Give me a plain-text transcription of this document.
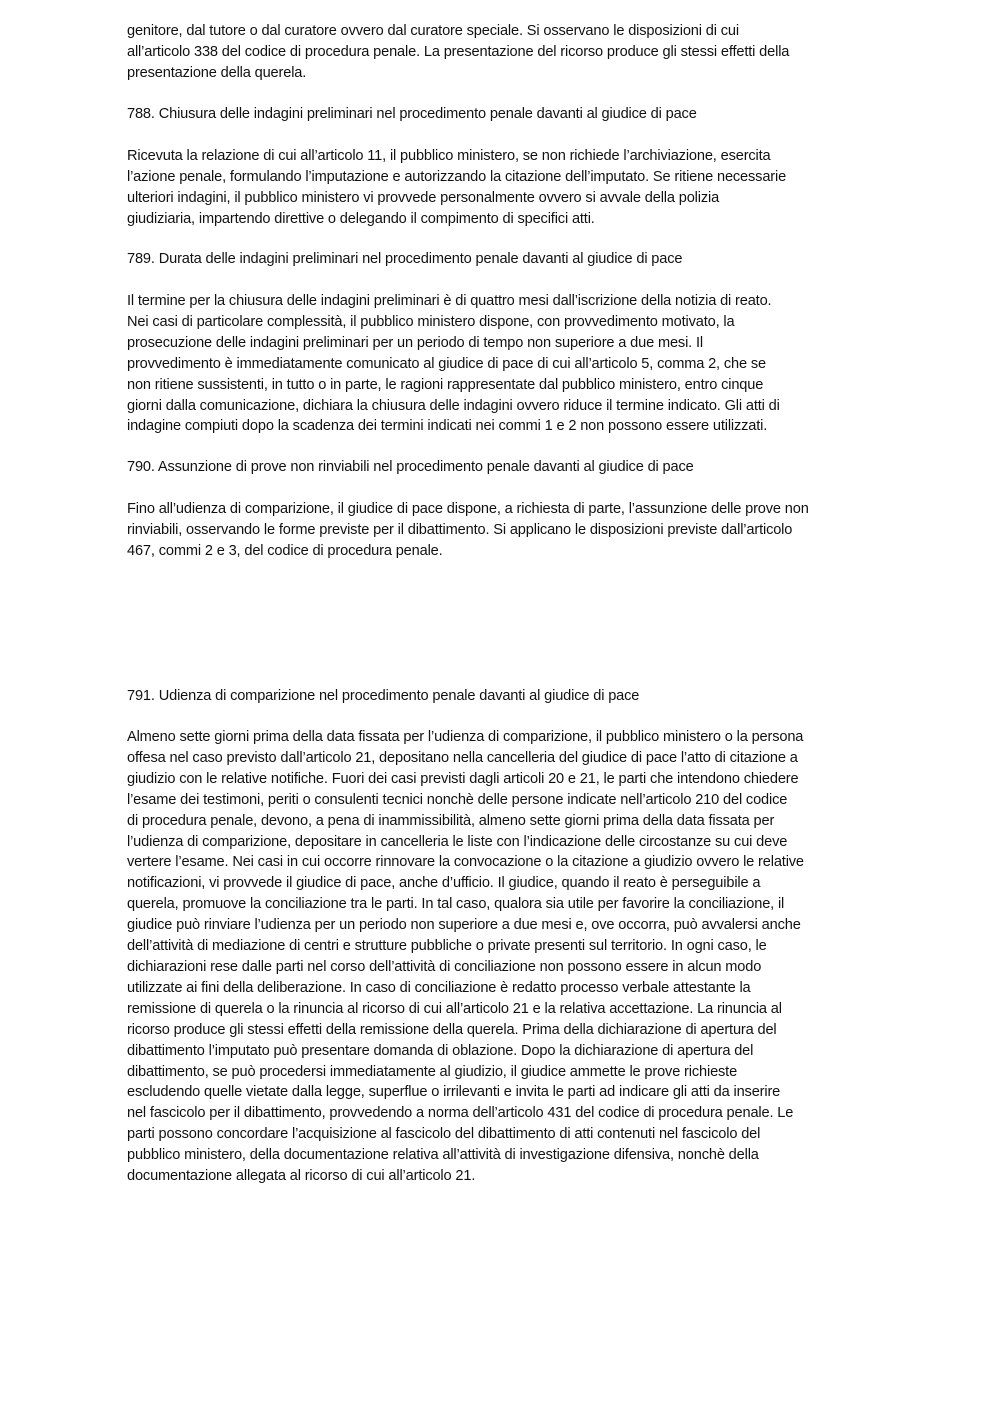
genitore, dal tutore o dal curatore ovvero dal curatore speciale. Si osservano le disposizioni di cui
all’articolo 338 del codice di procedura penale. La presentazione del ricorso produce gli stessi effetti della
presentazione della querela.

788. Chiusura delle indagini preliminari nel procedimento penale davanti al giudice di pace

Ricevuta la relazione di cui all’articolo 11, il pubblico ministero, se non richiede l’archiviazione, esercita
l’azione penale, formulando l’imputazione e autorizzando la citazione dell’imputato. Se ritiene necessarie
ulteriori indagini, il pubblico ministero vi provvede personalmente ovvero si avvale della polizia
giudiziaria, impartendo direttive o delegando il compimento di specifici atti.

789. Durata delle indagini preliminari nel procedimento penale davanti al giudice di pace

Il termine per la chiusura delle indagini preliminari è di quattro mesi dall’iscrizione della notizia di reato.
Nei casi di particolare complessità, il pubblico ministero dispone, con provvedimento motivato, la
prosecuzione delle indagini preliminari per un periodo di tempo non superiore a due mesi. Il
provvedimento è immediatamente comunicato al giudice di pace di cui all’articolo 5, comma 2, che se
non ritiene sussistenti, in tutto o in parte, le ragioni rappresentate dal pubblico ministero, entro cinque
giorni dalla comunicazione, dichiara la chiusura delle indagini ovvero riduce il termine indicato. Gli atti di
indagine compiuti dopo la scadenza dei termini indicati nei commi 1 e 2 non possono essere utilizzati.

790. Assunzione di prove non rinviabili nel procedimento penale davanti al giudice di pace

Fino all’udienza di comparizione, il giudice di pace dispone, a richiesta di parte, l’assunzione delle prove non
rinviabili, osservando le forme previste per il dibattimento. Si applicano le disposizioni previste dall’articolo
467, commi 2 e 3, del codice di procedura penale.

791. Udienza di comparizione nel procedimento penale davanti al giudice di pace

Almeno sette giorni prima della data fissata per l’udienza di comparizione, il pubblico ministero o la persona
offesa nel caso previsto dall’articolo 21, depositano nella cancelleria del giudice di pace l’atto di citazione a
giudizio con le relative notifiche. Fuori dei casi previsti dagli articoli 20 e 21, le parti che intendono chiedere
l’esame dei testimoni, periti o consulenti tecnici nonchè delle persone indicate nell’articolo 210 del codice
di procedura penale, devono, a pena di inammissibilità, almeno sette giorni prima della data fissata per
l’udienza di comparizione, depositare in cancelleria le liste con l’indicazione delle circostanze su cui deve
vertere l’esame. Nei casi in cui occorre rinnovare la convocazione o la citazione a giudizio ovvero le relative
notificazioni, vi provvede il giudice di pace, anche d’ufficio. Il giudice, quando il reato è perseguibile a
querela, promuove la conciliazione tra le parti. In tal caso, qualora sia utile per favorire la conciliazione, il
giudice può rinviare l’udienza per un periodo non superiore a due mesi e, ove occorra, può avvalersi anche
dell’attività di mediazione di centri e strutture pubbliche o private presenti sul territorio. In ogni caso, le
dichiarazioni rese dalle parti nel corso dell’attività di conciliazione non possono essere in alcun modo
utilizzate ai fini della deliberazione. In caso di conciliazione è redatto processo verbale attestante la
remissione di querela o la rinuncia al ricorso di cui all’articolo 21 e la relativa accettazione. La rinuncia al
ricorso produce gli stessi effetti della remissione della querela. Prima della dichiarazione di apertura del
dibattimento l’imputato può presentare domanda di oblazione. Dopo la dichiarazione di apertura del
dibattimento, se può procedersi immediatamente al giudizio, il giudice ammette le prove richieste
escludendo quelle vietate dalla legge, superflue o irrilevanti e invita le parti ad indicare gli atti da inserire
nel fascicolo per il dibattimento, provvedendo a norma dell’articolo 431 del codice di procedura penale. Le
parti possono concordare l’acquisizione al fascicolo del dibattimento di atti contenuti nel fascicolo del
pubblico ministero, della documentazione relativa all’attività di investigazione difensiva, nonchè della
documentazione allegata al ricorso di cui all’articolo 21.
